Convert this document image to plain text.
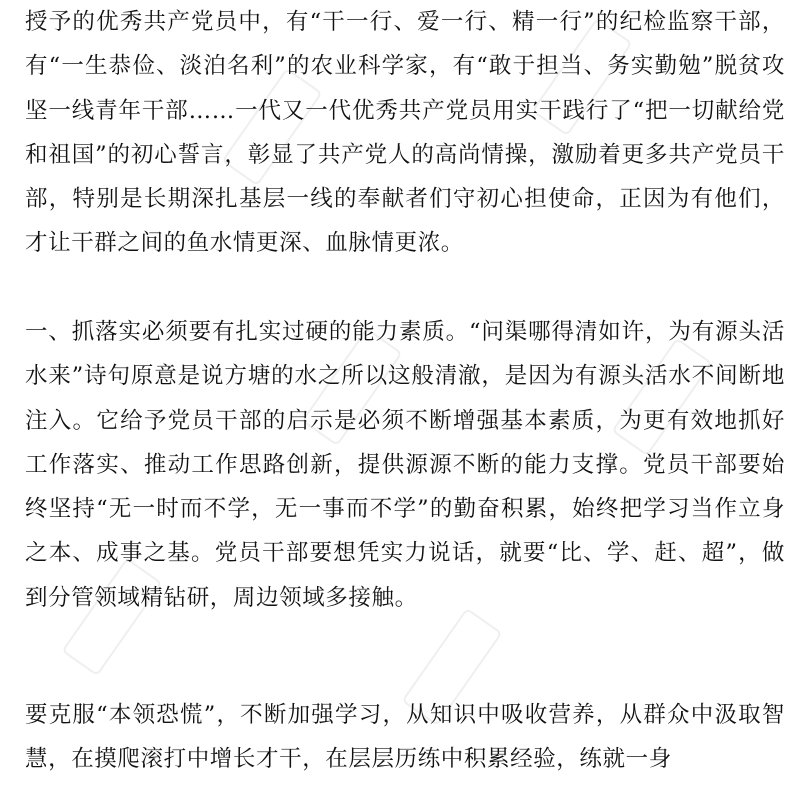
授予的优秀共产党员中，有“干一行、爱一行、精一行”的纪检监察干部，有“一生恭俭、淡泊名利”的农业科学家，有“敢于担当、务实勤勉”脱贫攻坚一线青年干部……一代又一代优秀共产党员用实干践行了“把一切献给党和祖国”的初心誓言，彰显了共产党人的高尚情操，激励着更多共产党员干部，特别是长期深扎基层一线的奉献者们守初心担使命，正因为有他们，才让干群之间的鱼水情更深、血脉情更浓。

一、抓落实必须要有扎实过硬的能力素质。“问渠哪得清如许，为有源头活水来”诗句原意是说方塘的水之所以这般清澈，是因为有源头活水不间断地注入。它给予党员干部的启示是必须不断增强基本素质，为更有效地抓好工作落实、推动工作思路创新，提供源源不断的能力支撑。党员干部要始终坚持“无一时而不学，无一事而不学”的勤奋积累，始终把学习当作立身之本、成事之基。党员干部要想凭实力说话，就要“比、学、赶、超”，做到分管领域精钻研，周边领域多接触。

要克服“本领恐慌”，不断加强学习，从知识中吸收营养，从群众中汲取智慧，在摸爬滚打中增长才干，在层层历练中积累经验，练就一身
